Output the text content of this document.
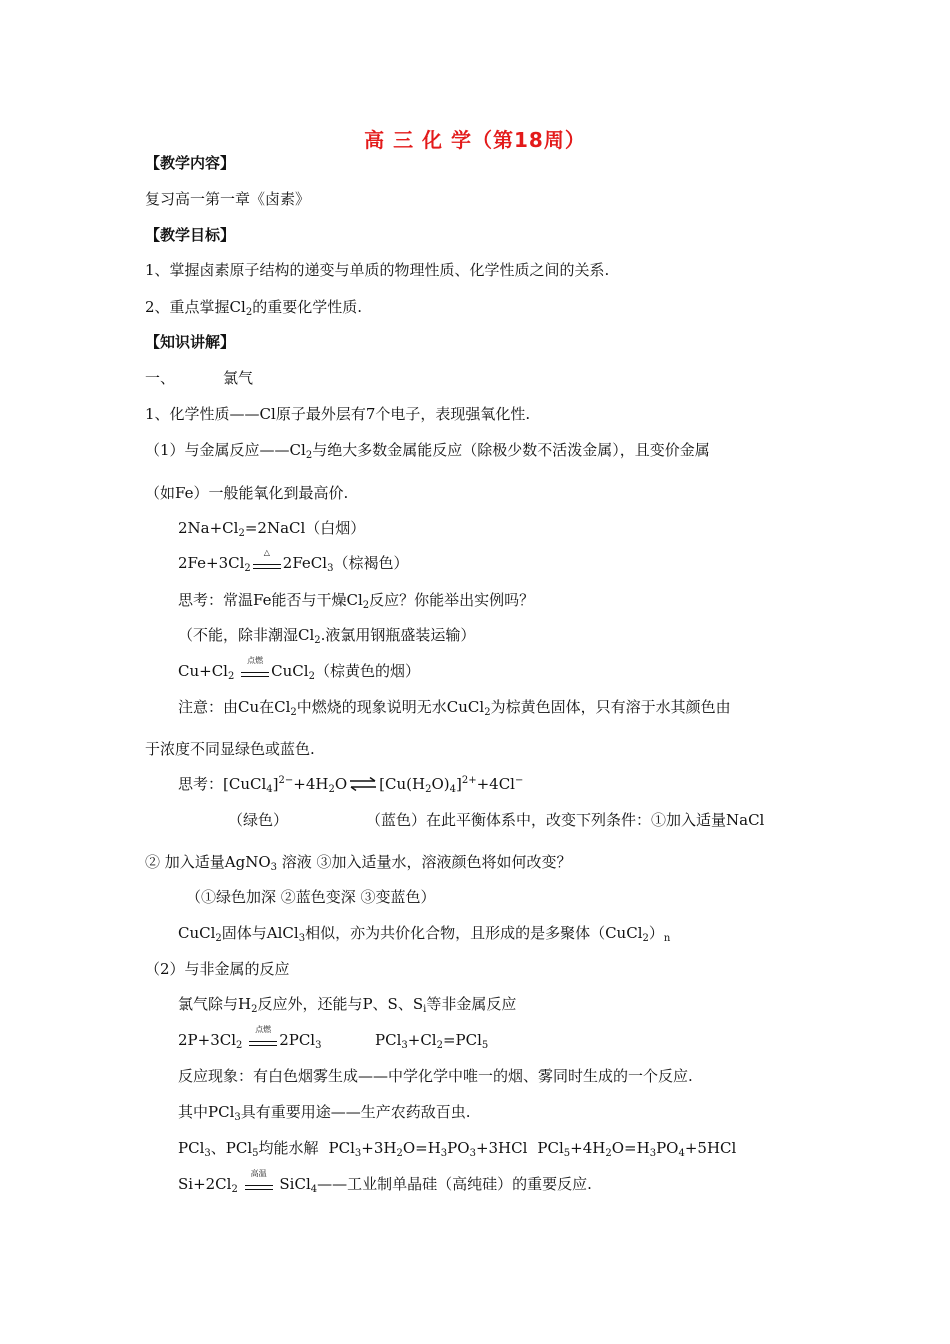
高 三 化 学（第18周）
【教学内容】
复习高一第一章《卤素》
【教学目标】
1、掌握卤素原子结构的递变与单质的物理性质、化学性质之间的关系.
2、重点掌握$Cl_2$的重要化学性质.
【知识讲解】
一、	氯气
1、化学性质——Cl原子最外层有7个电子，表现强氧化性.
（1）与金属反应$——Cl_2$与绝大多数金属能反应（除极少数不活泼金属），且变价金属
（如Fe）一般能氧化到最高价.
$2Na+Cl_2=2NaCl$（白烟）
$2Fe+3Cl_2$
△
2FeCl$_3$（棕褐色）
思考：常温Fe能否与干燥$Cl_2$反应？你能举出实例吗？
（不能，除非潮湿$Cl_2$.液氯用钢瓶盛装运输）
$Cu+Cl_2$
点燃
CuCl$_2$（棕黄色的烟）
注意：由Cu在$Cl_2$中燃烧的现象说明无水CuCl$_2$为棕黄色固体，只有溶于水其颜色由
于浓度不同显绿色或蓝色.
思考：$[CuCl_4]^{2-}+4H_2O$ ⇌ $[Cu(H_2O)_4]^{2+}+4Cl^-$
（绿色）	（蓝色）在此平衡体系中，改变下列条件：①加入适量NaCl
② 加入适量AgNO$_3$ 溶液 ③加入适量水，溶液颜色将如何改变？
（①绿色加深 ②蓝色变深 ③变蓝色）
CuCl$_2$固体与AlCl$_3$相似，亦为共价化合物，且形成的是多聚体$(CuCl_2)_n$
（2）与非金属的反应
氯气除与$H_2$反应外，还能与P、S、$S_i$等非金属反应
$2P+3Cl_2$
点燃
2PCl$_3$	$PCl_3+Cl_2=PCl_5$
反应现象：有白色烟雾生成——中学化学中唯一的烟、雾同时生成的一个反应.
其中PCl$_3$具有重要用途——生产农药敌百虫.
PCl$_3$、PCl$_5$均能水解 $PCl_3+3H_2O=H_3PO_3+3HCl$ $PCl_5+4H_2O=H_3PO_4+5HCl$
$Si+2Cl_2$
高温
SiCl$_4$——工业制单晶硅（高纯硅）的重要反应.
